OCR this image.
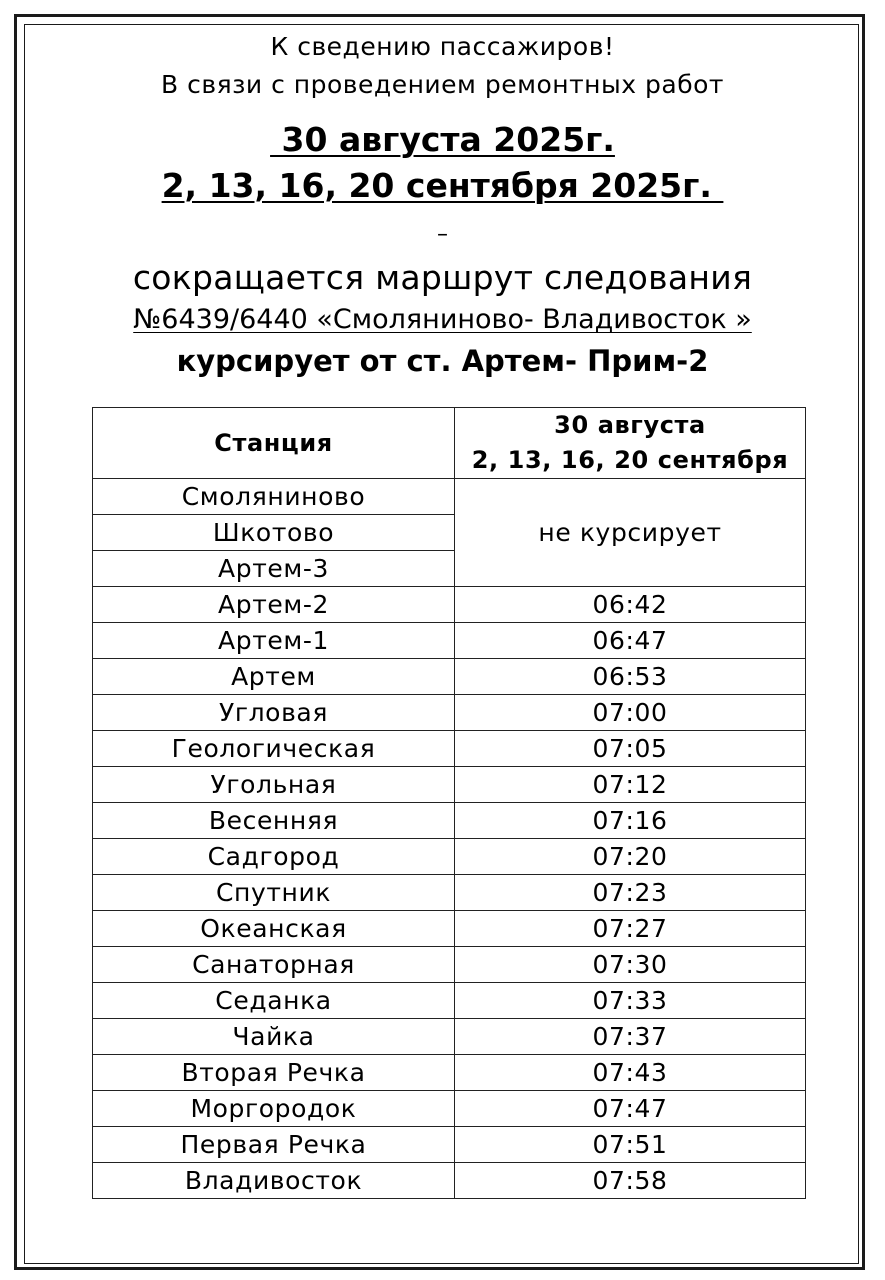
К сведению пассажиров!
В связи с проведением ремонтных работ
30 августа 2025г.
2, 13, 16, 20 сентября 2025г.
–
сокращается маршрут следования
№6439/6440 «Смоляниново- Владивосток »
курсирует от ст. Артем- Прим-2
Станция	30 августа
2, 13, 16, 20 сентября

Смоляниново	не курсирует
Шкотово	
Артем-3	
Артем-2	06:42
Артем-1	06:47
Артем	06:53
Угловая	07:00
Геологическая	07:05
Угольная	07:12
Весенняя	07:16
Садгород	07:20
Спутник	07:23
Океанская	07:27
Санаторная	07:30
Седанка	07:33
Чайка	07:37
Вторая Речка	07:43
Моргородок	07:47
Первая Речка	07:51
Владивосток	07:58
